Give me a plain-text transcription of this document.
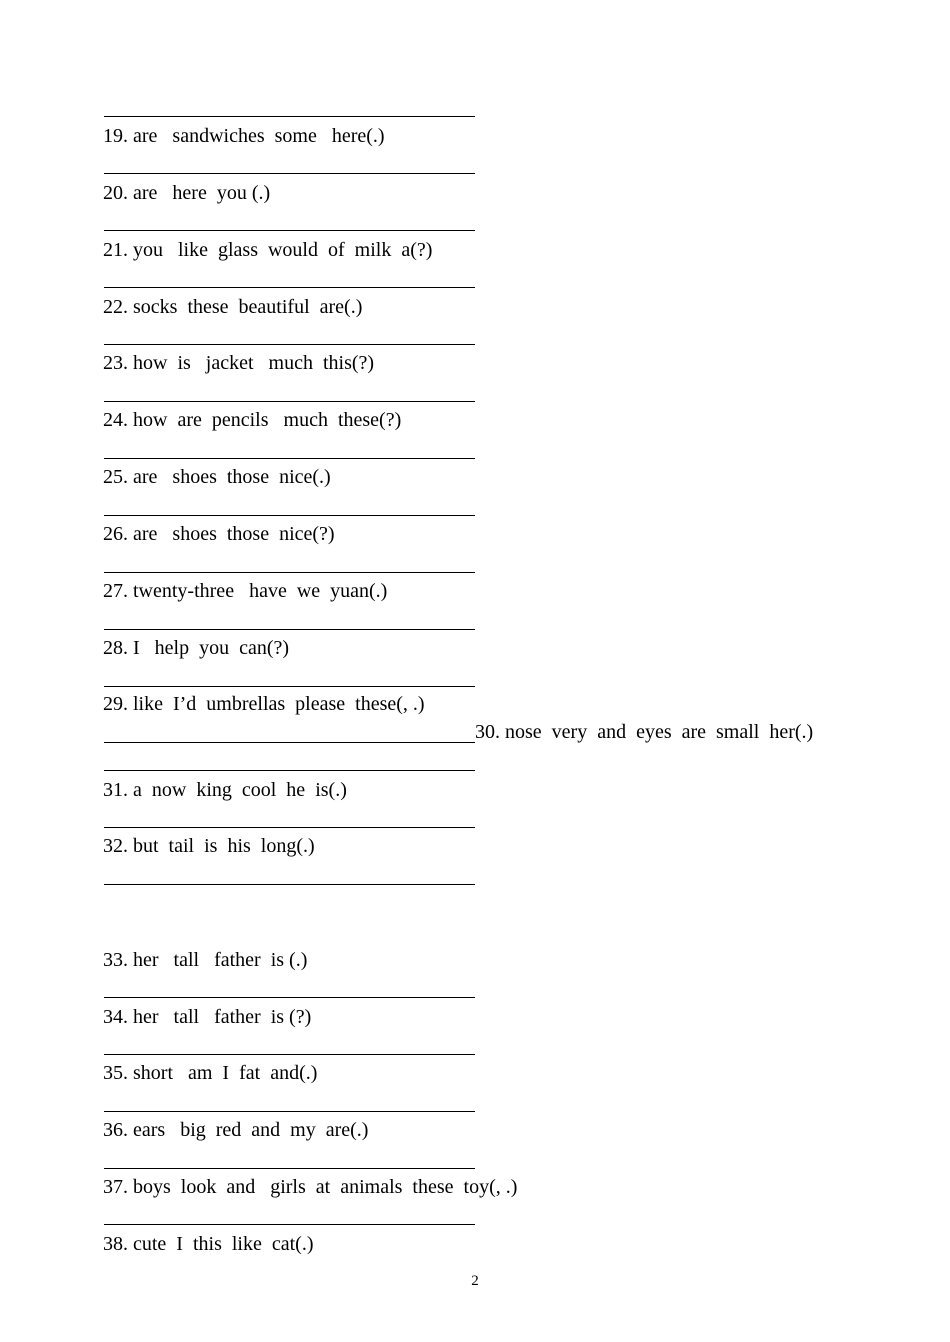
19. are   sandwiches  some   here(.)
20. are   here  you (.)
21. you   like  glass  would  of  milk  a(?)
22. socks  these  beautiful  are(.)
23. how  is   jacket   much  this(?)
24. how  are  pencils   much  these(?)
25. are   shoes  those  nice(.)
26. are   shoes  those  nice(?)
27. twenty-three   have  we  yuan(.)
28. I   help  you  can(?)
29. like  I’d  umbrellas  please  these(, .)
30. nose  very  and  eyes  are  small  her(.)
31. a  now  king  cool  he  is(.)
32. but  tail  is  his  long(.)
33. her   tall   father  is (.)
34. her   tall   father  is (?)
35. short   am  I  fat  and(.)
36. ears   big  red  and  my  are(.)
37. boys  look  and   girls  at  animals  these  toy(, .)
38. cute  I  this  like  cat(.)
2
